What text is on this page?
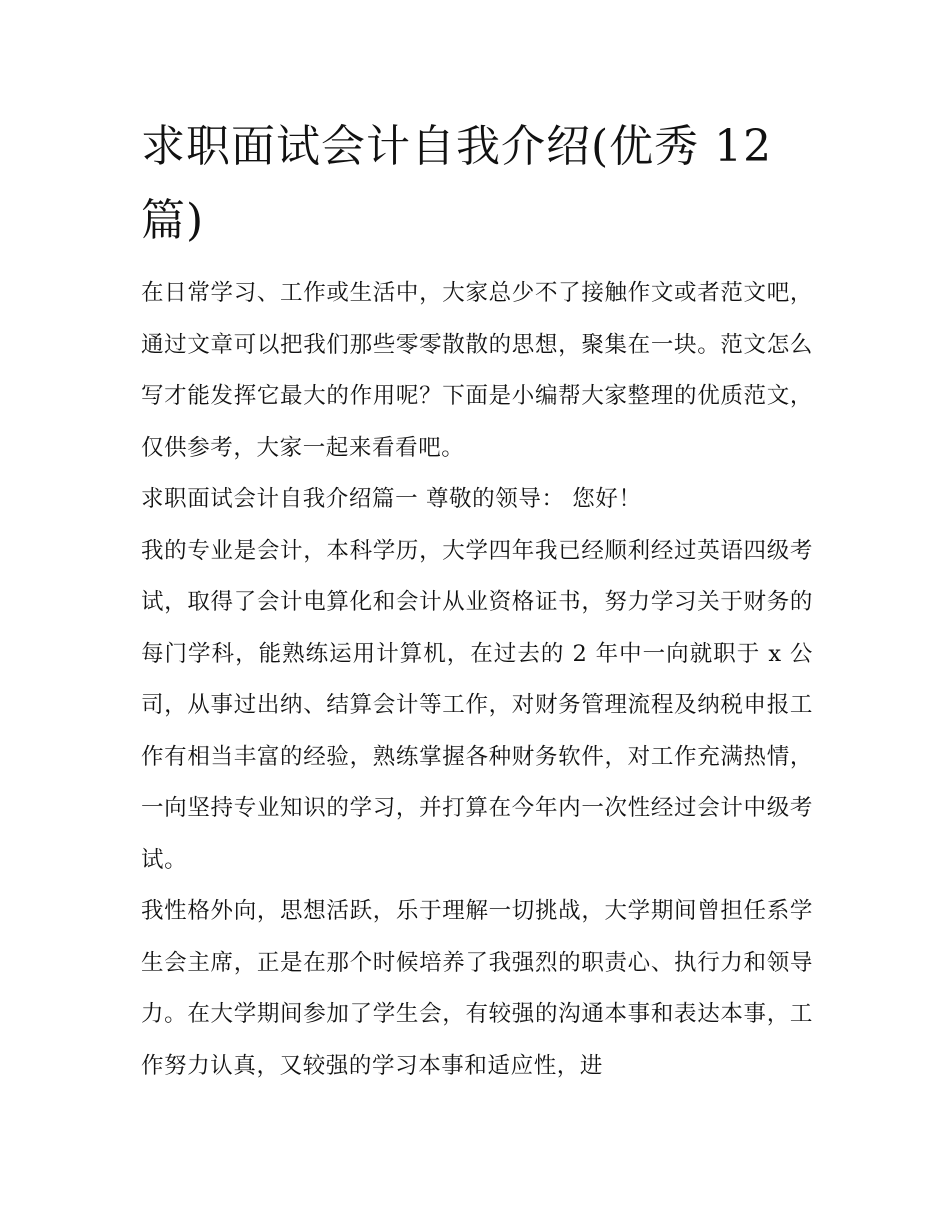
求职面试会计自我介绍(优秀 12 篇)

在日常学习、工作或生活中，大家总少不了接触作文或者范文吧，通过文章可以把我们那些零零散散的思想，聚集在一块。范文怎么写才能发挥它最大的作用呢？下面是小编帮大家整理的优质范文，仅供参考，大家一起来看看吧。

求职面试会计自我介绍篇一 尊敬的领导： 您好！

我的专业是会计，本科学历，大学四年我已经顺利经过英语四级考试，取得了会计电算化和会计从业资格证书，努力学习关于财务的每门学科，能熟练运用计算机，在过去的 2 年中一向就职于 x 公司，从事过出纳、结算会计等工作，对财务管理流程及纳税申报工作有相当丰富的经验，熟练掌握各种财务软件，对工作充满热情，一向坚持专业知识的学习，并打算在今年内一次性经过会计中级考试。

我性格外向，思想活跃，乐于理解一切挑战，大学期间曾担任系学生会主席，正是在那个时候培养了我强烈的职责心、执行力和领导力。在大学期间参加了学生会，有较强的沟通本事和表达本事，工作努力认真，又较强的学习本事和适应性，进
